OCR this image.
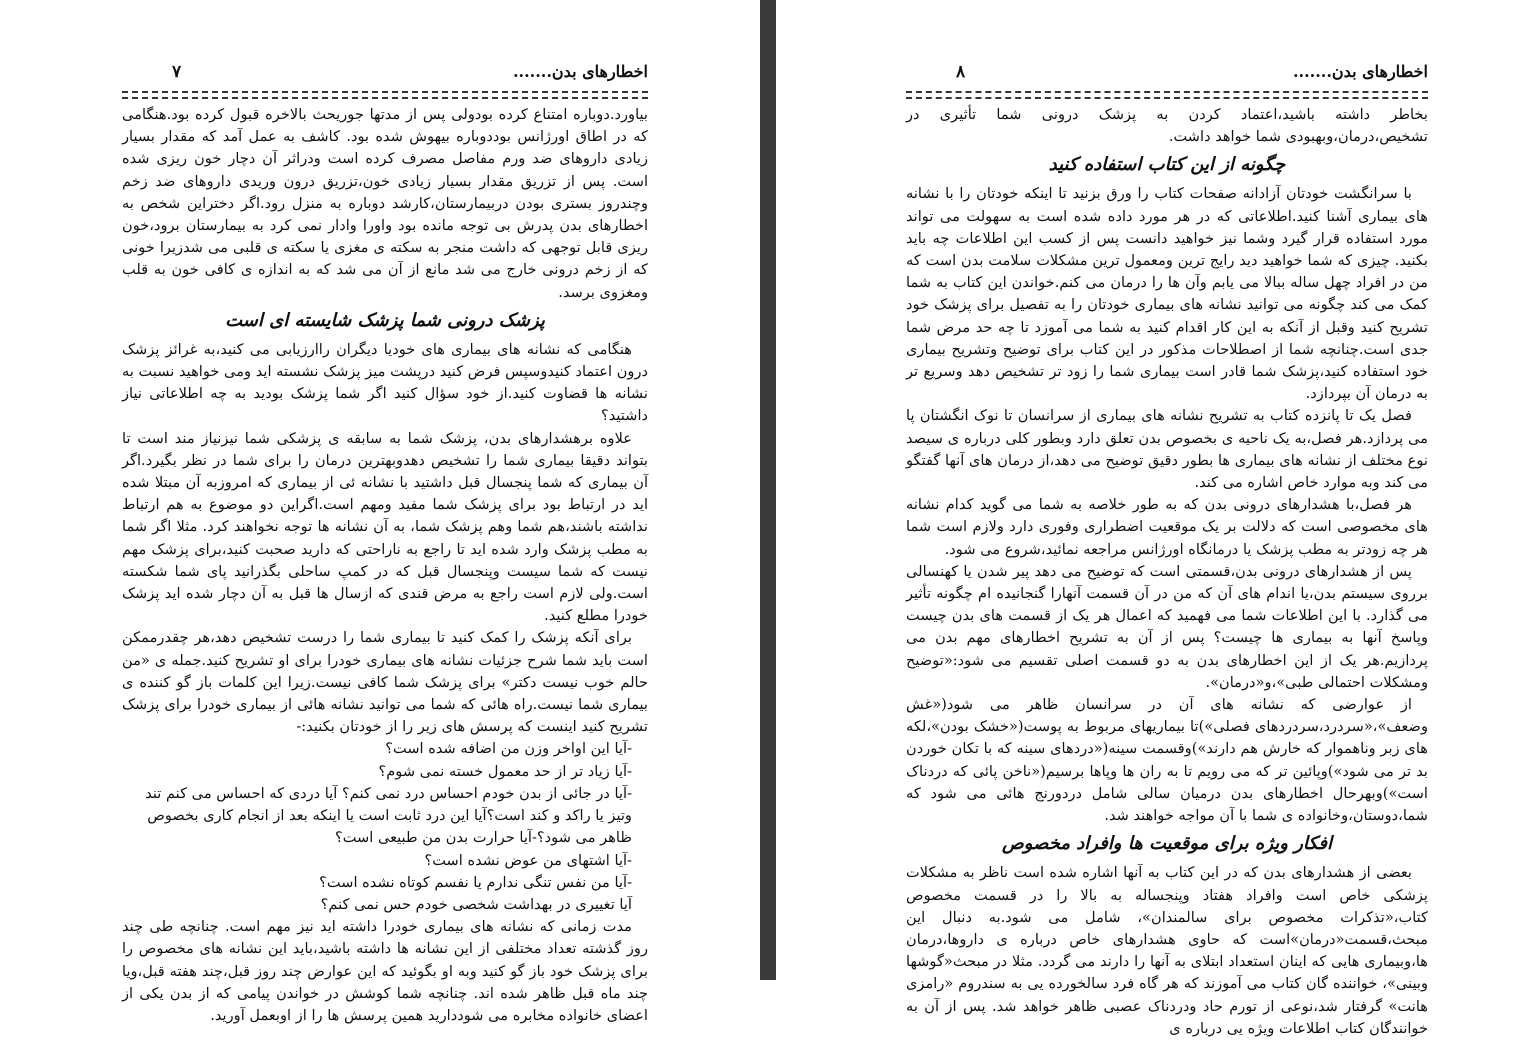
اخطارهای بدن.......
۷

بیاورد.دوباره امتناع کرده بودولی پس از مدتها جوریحث بالاخره قبول کرده بود.هنگامی که در اطاق اورژانس بوددوباره بیهوش شده بود. کاشف به عمل آمد که مقدار بسیار زیادی داروهای ضد ورم مفاصل مصرف کرده است ودراثر آن دچار خون ریزی شده است. پس از تزریق مقدار بسیار زیادی خون،تزریق درون وریدی داروهای ضد زخم وچندروز بستری بودن دربیمارستان،کارشد دوباره به منزل رود.اگر دختراین شخص به اخطارهای بدن پدرش بی توجه مانده بود واورا وادار نمی کرد به بیمارستان برود،خون ریزی قابل توجهی که داشت منجر به سکته ی مغزی یا سکته ی قلبی می شدزیرا خونی که از زخم درونی خارج می شد مانع از آن می شد که به اندازه ی کافی خون به قلب ومغزوی برسد.

پزشک درونی شما پزشک شایسته ای است

هنگامی که نشانه های بیماری های خودیا دیگران راارزیابی می کنید،به غرائز پزشک درون اعتماد کنیدوسپس فرض کنید درپشت میز پزشک نشسته اید ومی خواهید نسبت به نشانه ها قضاوت کنید.از خود سؤال کنید اگر شما پزشک بودید به چه اطلاعاتی نیاز داشتید؟

علاوه برهشدارهای بدن، پزشک شما به سابقه ی پزشکی شما نیزنیاز مند است تا بتواند دقیقا بیماری شما را تشخیص دهدوبهترین درمان را برای شما در نظر بگیرد.اگر آن بیماری که شما پنجسال قبل داشتید با نشانه ئی از بیماری که امروزبه آن مبتلا شده اید در ارتباط بود برای پزشک شما مفید ومهم است.اگراین دو موضوع به هم ارتباط نداشته باشند،هم شما وهم پزشک شما، به آن نشانه ها توجه نخواهند کرد. مثلا اگر شما به مطب پزشک وارد شده اید تا راجع به ناراحتی که دارید صحبت کنید،برای پزشک مهم نیست که شما سیست وپنجسال قبل که در کمپ ساحلی بگذرانید پای شما شکسته است.ولی لازم است راجع به مرض قندی که ازسال ها قبل به آن دچار شده اید پزشک خودرا مطلع کنید.

برای آنکه پزشک را کمک کنید تا بیماری شما را درست تشخیص دهد،هر چقدرممکن است باید شما شرح جزئیات نشانه های بیماری خودرا برای او تشریح کنید.جمله ی «من حالم خوب نیست دکتر» برای پزشک شما کافی نیست.زیرا این کلمات باز گو کننده ی بیماری شما نیست.راه هائی که شما می توانید نشانه هائی از بیماری خودرا برای پزشک تشریح کنید اینست که پرسش های زیر را از خودتان بکنید:-

-آیا این اواخر وزن من اضافه شده است؟

-آیا زیاد تر از حد معمول خسته نمی شوم؟

-آیا در جائی از بدن خودم احساس درد نمی کنم؟ آیا دردی که احساس می کنم تند وتیز یا راکد و کند است؟آیا این درد ثابت است یا اینکه بعد از انجام کاری بخصوص ظاهر می شود؟-آیا حرارت بدن من طبیعی است؟

-آیا اشتهای من عوض نشده است؟

-آیا من نفس تنگی ندارم یا نفسم کوتاه نشده است؟

آیا تغییری در بهداشت شخصی خودم حس نمی کنم؟

مدت زمانی که نشانه های بیماری خودرا داشته اید نیز مهم است. چنانچه طی چند روز گذشته تعداد مختلفی از این نشانه ها داشته باشید،باید این نشانه های مخصوص را برای پزشک خود باز گو کنید وبه او بگوئید که این عوارض چند روز قبل،چند هفته قبل،ویا چند ماه قبل ظاهر شده اند. چنانچه شما کوشش در خواندن پیامی که از بدن یکی از اعضای خانواده مخابره می شوددارید همین پرسش ها را از اوبعمل آورید.

اخطارهای بدن.......
۸

بخاطر داشته باشید،اعتماد کردن به پزشک درونی شما تأثیری در تشخیص،درمان،وبهبودی شما خواهد داشت.

چگونه از این کتاب استفاده کنید

با سرانگشت خودتان آزادانه صفحات کتاب را ورق بزنید تا اینکه خودتان را با نشانه های بیماری آشنا کنید.اطلاعاتی که در هر مورد داده شده است به سهولت می تواند مورد استفاده قرار گیرد وشما نیز خواهید دانست پس از کسب این اطلاعات چه باید بکنید. چیزی که شما خواهید دید رایج ترین ومعمول ترین مشکلات سلامت بدن است که من در افراد چهل ساله ببالا می یابم وآن ها را درمان می کنم.خواندن این کتاب به شما کمک می کند چگونه می توانید نشانه های بیماری خودتان را به تفصیل برای پزشک خود تشریح کنید وقبل از آنکه به این کار اقدام کنید به شما می آموزد تا چه حد مرض شما جدی است.چنانچه شما از اصطلاحات مذکور در این کتاب برای توضیح وتشریح بیماری خود استفاده کنید،پزشک شما قادر است بیماری شما را زود تر تشخیص دهد وسریع تر به درمان آن بپردازد.

فصل یک تا پانزده کتاب به تشریح نشانه های بیماری از سرانسان تا نوک انگشتان پا می پردازد.هر فصل،به یک ناحیه ی بخصوص بدن تعلق دارد وبطور کلی درباره ی سیصد نوع مختلف از نشانه های بیماری ها بطور دقیق توضیح می دهد،از درمان های آنها گفتگو می کند وبه موارد خاص اشاره می کند.

هر فصل،با هشدارهای درونی بدن که به طور خلاصه به شما می گوید کدام نشانه های مخصوصی است که دلالت بر یک موقعیت اضطراری وفوری دارد ولازم است شما هر چه زودتر به مطب پزشک یا درمانگاه اورژانس مراجعه نمائید،شروع می شود.

پس از هشدارهای درونی بدن،قسمتی است که توضیح می دهد پیر شدن یا کهنسالی برروی سیستم بدن،یا اندام های آن که من در آن قسمت آنهارا گنجانیده ام چگونه تأثیر می گذارد. با این اطلاعات شما می فهمید که اعمال هر یک از قسمت های بدن چیست وپاسخ آنها به بیماری ها چیست؟ پس از آن به تشریح اخطارهای مهم بدن می پردازیم.هر یک از این اخطارهای بدن به دو قسمت اصلی تقسیم می شود:«توضیح ومشکلات احتمالی طبی»،و«درمان».

از عوارضی که نشانه های آن در سرانسان ظاهر می شود(«غش وضعف»،«سردرد،سردردهای فصلی»)تا بیماریهای مربوط به پوست(«خشک بودن»،لکه های زبر وناهموار که خارش هم دارند»)وقسمت سینه(«دردهای سینه که با تکان خوردن بد تر می شود»)وپائین تر که می رویم تا به ران ها وپاها برسیم(«ناخن پائی که دردناک است»)وبهرحال اخطارهای بدن درمیان سالی شامل دردورنج هائی می شود که شما،دوستان،وخانواده ی شما با آن مواجه خواهند شد.

افکار ویژه برای موقعیت ها وافراد مخصوص

بعضی از هشدارهای بدن که در این کتاب به آنها اشاره شده است ناظر به مشکلات پزشکی خاص است وافراد هفتاد وپنجساله به بالا را در قسمت مخصوص کتاب،«تذکرات مخصوص برای سالمندان»، شامل می شود.به دنبال این مبحث،قسمت«درمان»است که حاوی هشدارهای خاص درباره ی داروها،درمان ها،وبیماری هایی که اینان استعداد ابتلای به آنها را دارند می گردد. مثلا در مبحث«گوشها وبینی»، خواننده گان کتاب می آموزند که هر گاه فرد سالخورده یی به سندروم «رامزی هانت» گرفتار شد،نوعی از تورم حاد ودردناک عصبی ظاهر خواهد شد. پس از آن به خوانندگان کتاب اطلاعات ویژه یی درباره ی
